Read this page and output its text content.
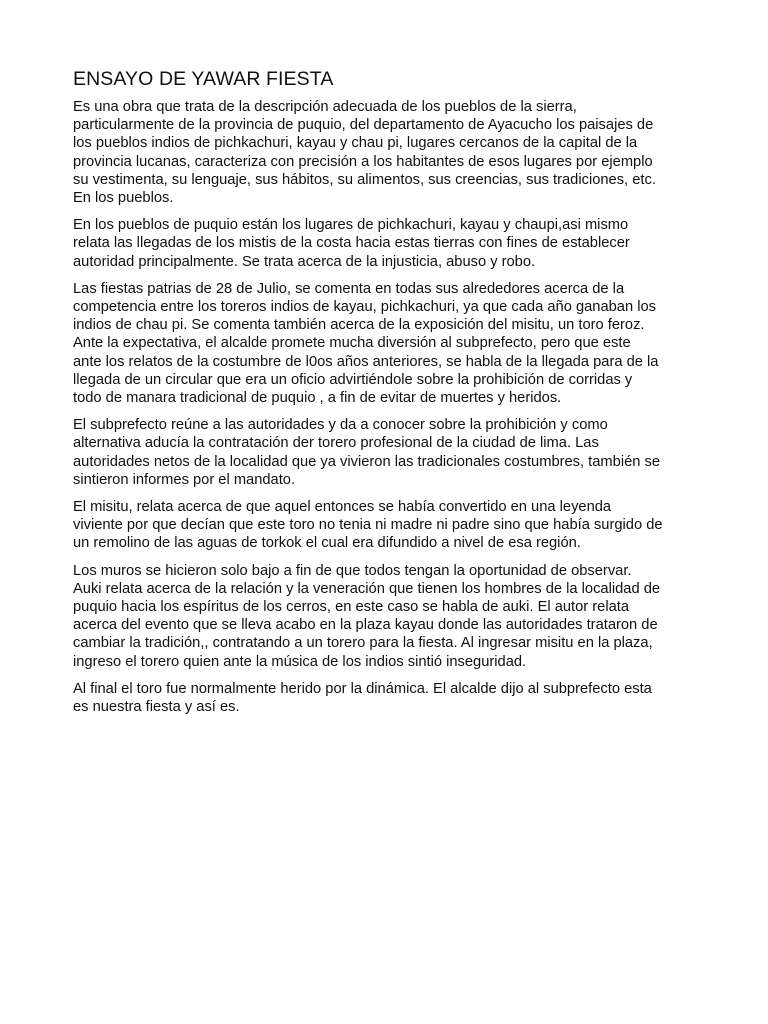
ENSAYO DE YAWAR FIESTA

Es una obra que trata de la descripción adecuada de los pueblos de la sierra,
particularmente de la provincia de puquio, del departamento de Ayacucho los paisajes de
los pueblos indios de pichkachuri, kayau y chau pi, lugares cercanos de la capital de la
provincia lucanas, caracteriza con precisión a los habitantes de esos lugares por ejemplo
su vestimenta, su lenguaje, sus hábitos, su alimentos, sus creencias, sus tradiciones, etc.
En los pueblos.

En los pueblos de puquio están los lugares de pichkachuri, kayau y chaupi,asi mismo
relata las llegadas de los mistis de la costa hacia estas tierras con fines de establecer
autoridad principalmente. Se trata acerca de la injusticia, abuso y robo.

Las fiestas patrias de 28 de Julio, se comenta en todas sus alrededores acerca de la
competencia entre los toreros indios de kayau, pichkachuri, ya que cada año ganaban los
indios de chau pi. Se comenta también acerca de la exposición del misitu, un toro feroz.
Ante la expectativa, el alcalde promete mucha diversión al subprefecto, pero que este
ante los relatos de la costumbre de l0os años anteriores, se habla de la llegada para de la
llegada de un circular que era un oficio advirtiéndole sobre la prohibición de corridas y
todo de manara tradicional de puquio , a fin de evitar de muertes y heridos.

El subprefecto reúne a las autoridades y da a conocer sobre la prohibición y como
alternativa aducía la contratación der torero profesional de la ciudad de lima. Las
autoridades netos de la localidad que ya vivieron las tradicionales costumbres, también se
sintieron informes por el mandato.

El misitu, relata acerca de que aquel entonces se había convertido en una leyenda
viviente por que decían que este toro no tenia ni madre ni padre sino que había surgido de
un remolino de las aguas de torkok el cual era difundido a nivel de esa región.

Los muros se hicieron solo bajo a fin de que todos tengan la oportunidad de observar.
Auki relata acerca de la relación y la veneración que tienen los hombres de la localidad de
puquio hacia los espíritus de los cerros, en este caso se habla de auki. El autor relata
acerca del evento que se lleva acabo en la plaza kayau donde las autoridades trataron de
cambiar la tradición,, contratando a un torero para la fiesta. Al ingresar misitu en la plaza,
ingreso el torero quien ante la música de los indios sintió inseguridad.

Al final el toro fue normalmente herido por la dinámica. El alcalde dijo al subprefecto esta
es nuestra fiesta y así es.
